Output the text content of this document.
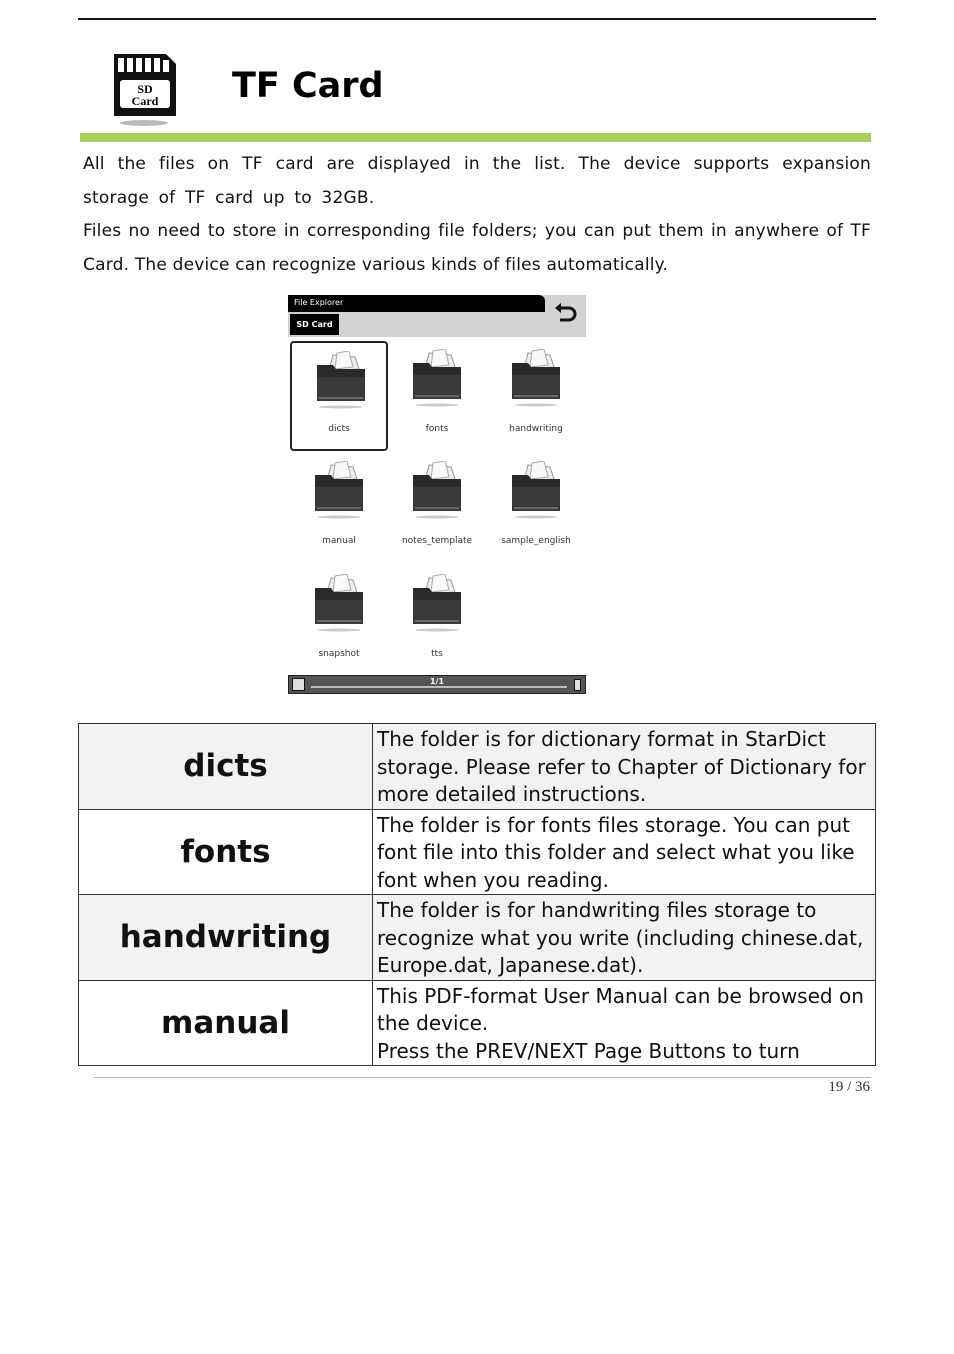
SD
Card TF Card

All the files on TF card are displayed in the list. The device supports expansion storage of TF card up to 32GB.

Files no need to store in corresponding file folders; you can put them in anywhere of TF Card. The device can recognize various kinds of files automatically.

File Explorer
SD Card
dicts	fonts	handwriting
manual	notes_template	sample_english
snapshot	tts
1/1
dicts	The folder is for dictionary format in StarDict storage. Please refer to Chapter of Dictionary for more detailed instructions.

fonts	The folder is for fonts files storage. You can put font file into this folder and select what you like font when you reading.

handwriting	The folder is for handwriting files storage to recognize what you write (including chinese.dat, Europe.dat, Japanese.dat).

manual	This PDF-format User Manual can be browsed on the device.
Press the PREV/NEXT Page Buttons to turn
19 / 36
